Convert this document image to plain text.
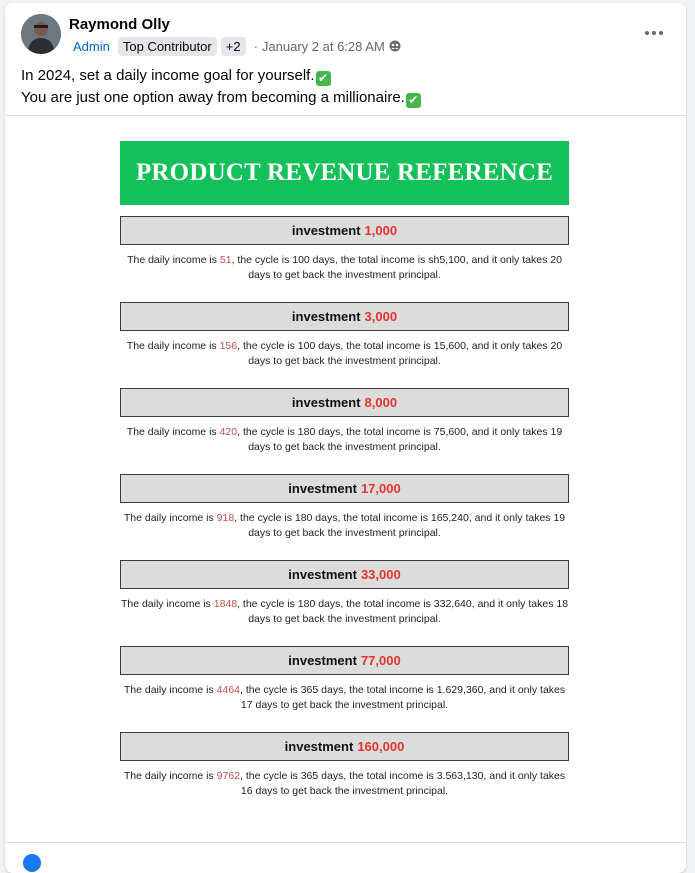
Raymond Olly
Admin	Top Contributor	+2	· January 2 at 6:28 AM
In 2024, set a daily income goal for yourself. ✔
You are just one option away from becoming a millionaire. ✔
PRODUCT REVENUE REFERENCE
investment 1,000
The daily income is 51, the cycle is 100 days, the total income is sh5,100, and it only takes 20 days to get back the investment principal.
investment 3,000
The daily income is 156, the cycle is 100 days, the total income is 15,600, and it only takes 20 days to get back the investment principal.
investment 8,000
The daily income is 420, the cycle is 180 days, the total income is 75,600, and it only takes 19 days to get back the investment principal.
investment 17,000
The daily income is 918, the cycle is 180 days, the total income is 165,240, and it only takes 19 days to get back the investment principal.
investment 33,000
The daily income is 1848, the cycle is 180 days, the total income is 332,640, and it only takes 18 days to get back the investment principal.
investment 77,000
The daily income is 4464, the cycle is 365 days, the total income is 1.629,360, and it only takes 17 days to get back the investment principal.
investment 160,000
The daily income is 9762, the cycle is 365 days, the total income is 3.563,130, and it only takes 16 days to get back the investment principal.
